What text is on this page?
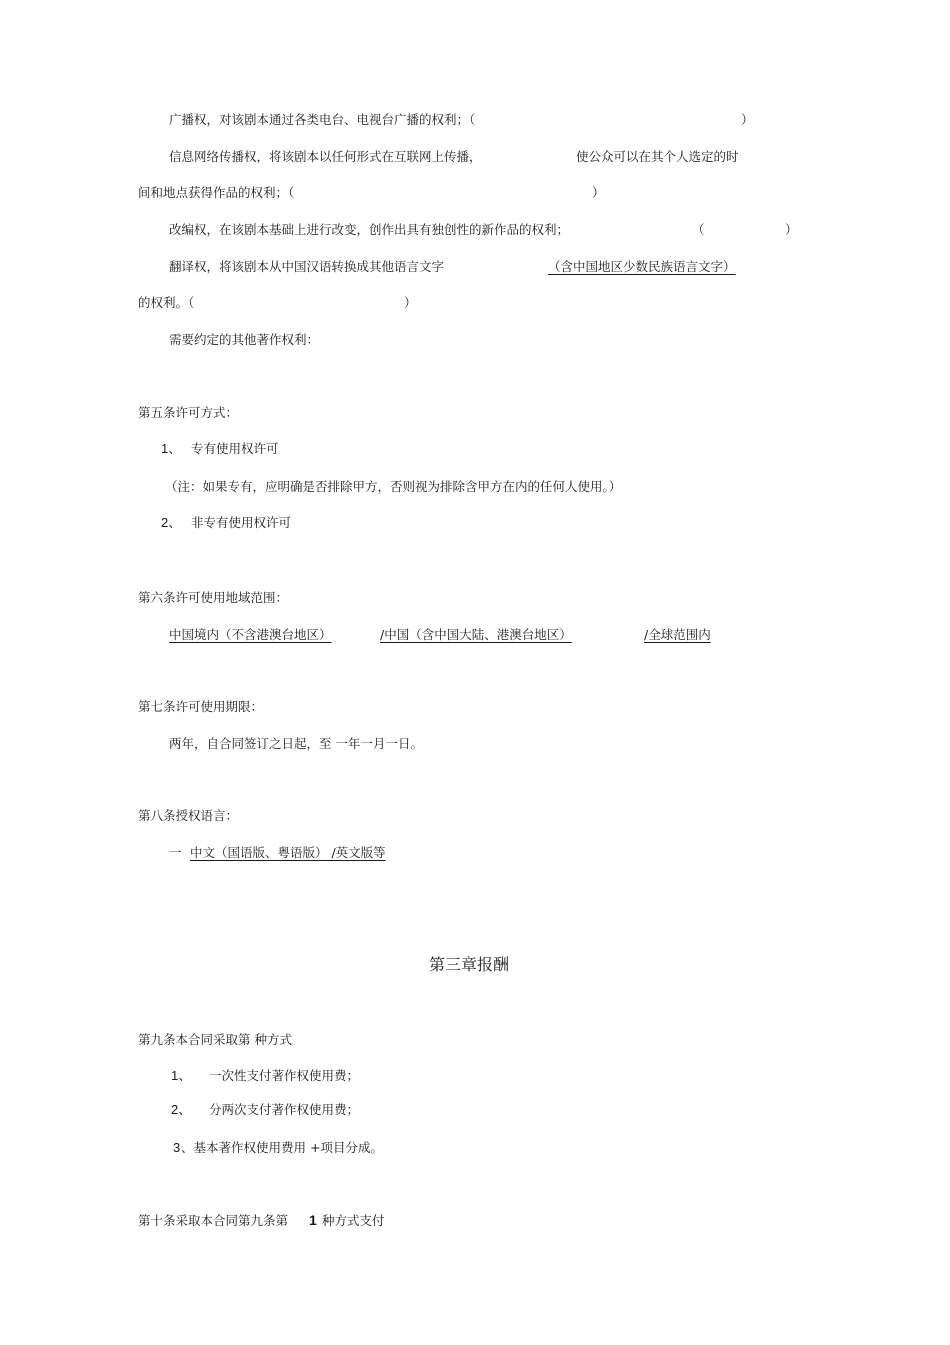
广播权，对该剧本通过各类电台、电视台广播的权利；（	）
信息网络传播权，将该剧本以任何形式在互联网上传播，	使公众可以在其个人选定的时
间和地点获得作品的权利；（	）
改编权，在该剧本基础上进行改变，创作出具有独创性的新作品的权利；	（	）
翻译权，将该剧本从中国汉语转换成其他语言文字	（含中国地区少数民族语言文字）
的权利。（	）
需要约定的其他著作权利：
第五条许可方式：
1、 专有使用权许可
（注：如果专有，应明确是否排除甲方，否则视为排除含甲方在内的任何人使用。）
2、 非专有使用权许可
第六条许可使用地域范围：
中国境内（不含港澳台地区）	/中国（含中国大陆、港澳台地区）	/全球范围内
第七条许可使用期限：
两年，自合同签订之日起，至 一年一月一日。
第八条授权语言：
一 中文（国语版、粤语版） /英文版等
第三章报酬
第九条本合同采取第 种方式
1、 一次性支付著作权使用费；
2、 分两次支付著作权使用费；
3 、基本著作权使用费用 +项目分成。
第十条采取本合同第九条第 1 种方式支付
